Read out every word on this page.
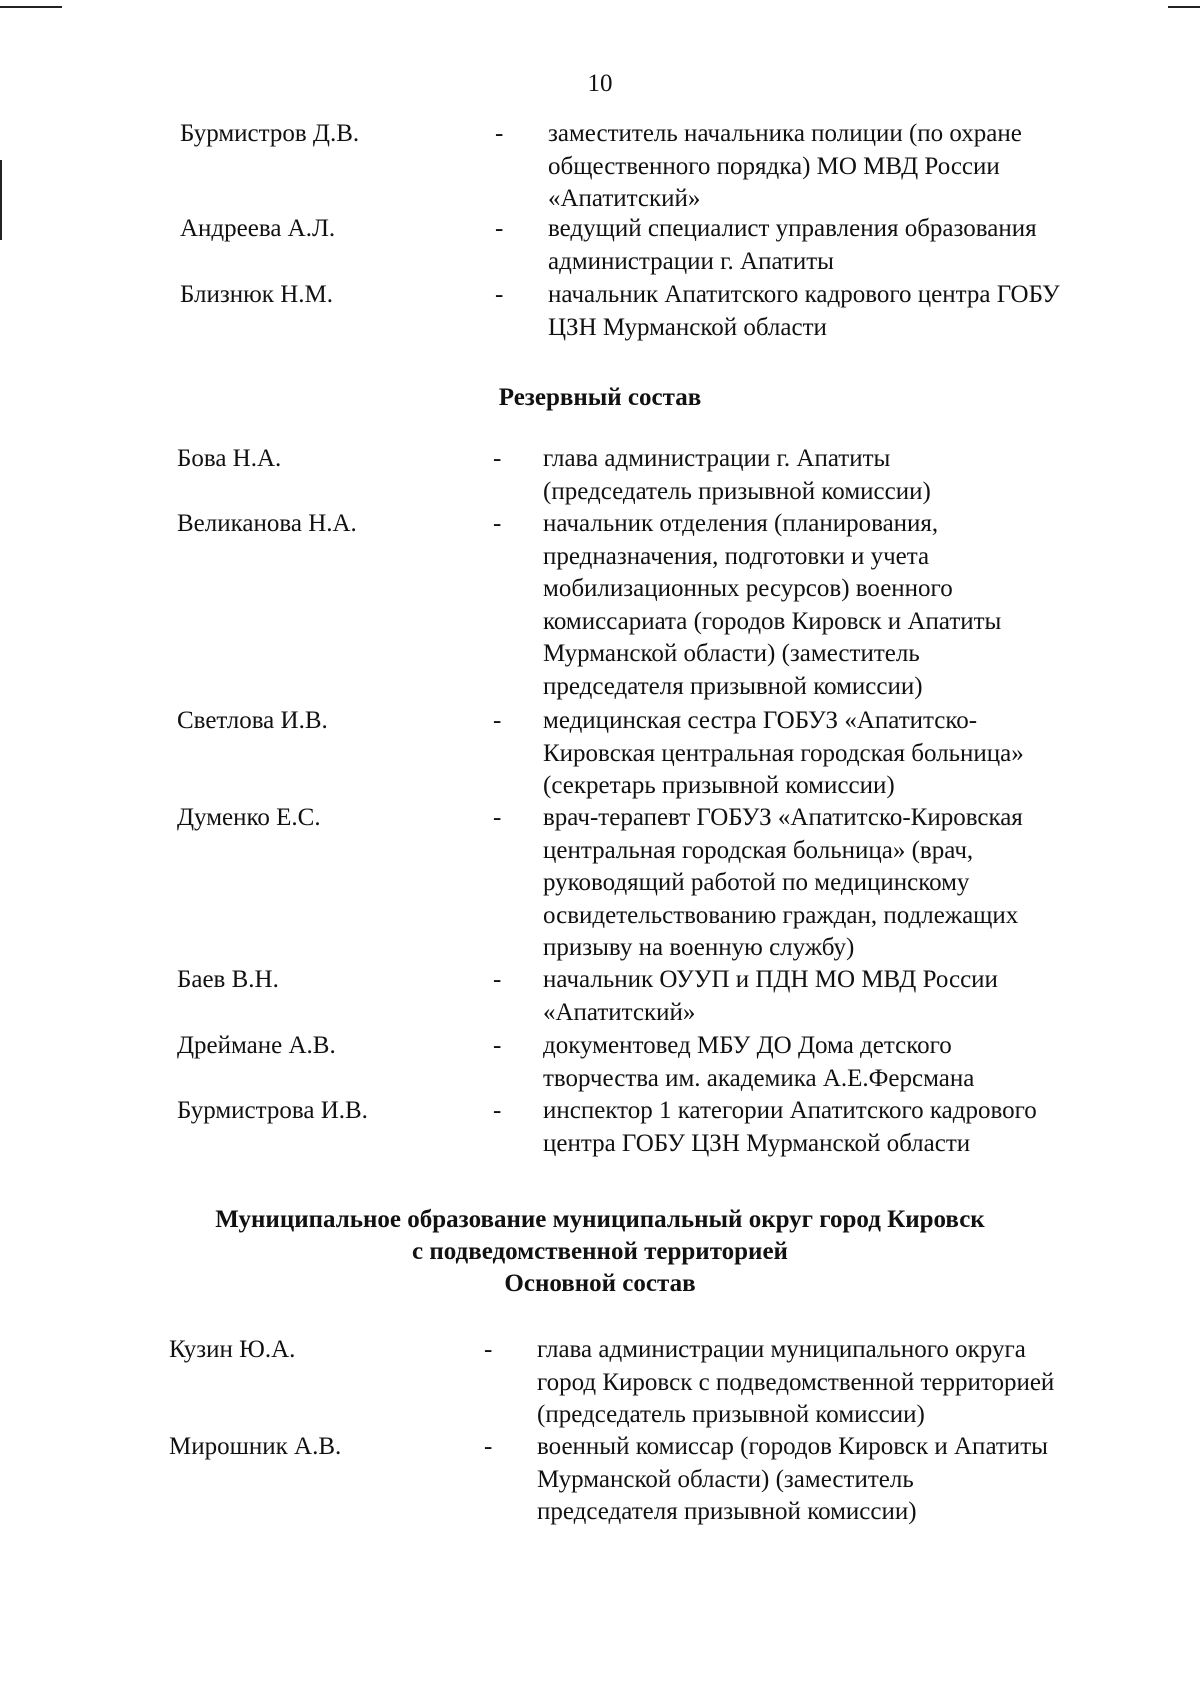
10
Резервный состав
Муниципальное образование муниципальный округ город Кировск
с подведомственной территорией
Основной состав
Бурмистров Д.В.	- заместитель начальника полиции (по охране
общественного порядка) МО МВД России
«Апатитский»
Андреева А.Л.	- ведущий специалист управления образования
администрации г. Апатиты
Близнюк Н.М.	- начальник Апатитского кадрового центра ГОБУ
ЦЗН Мурманской области
Бова Н.А.	- глава администрации г. Апатиты
(председатель призывной комиссии)
Великанова Н.А.	- начальник отделения (планирования,
предназначения, подготовки и учета
мобилизационных ресурсов) военного
комиссариата (городов Кировск и Апатиты
Мурманской области) (заместитель
председателя призывной комиссии)
Светлова И.В.	- медицинская сестра ГОБУЗ «Апатитско-
Кировская центральная городская больница»
(секретарь призывной комиссии)
Думенко Е.С.	- врач-терапевт ГОБУЗ «Апатитско-Кировская
центральная городская больница» (врач,
руководящий работой по медицинскому
освидетельствованию граждан, подлежащих
призыву на военную службу)
Баев В.Н.	- начальник ОУУП и ПДН МО МВД России
«Апатитский»
Дреймане А.В.	- документовед МБУ ДО Дома детского
творчества им. академика А.Е.Ферсмана
Бурмистрова И.В.	- инспектор 1 категории Апатитского кадрового
центра ГОБУ ЦЗН Мурманской области
Кузин Ю.А.	- глава администрации муниципального округа
город Кировск с подведомственной территорией
(председатель призывной комиссии)
Мирошник А.В.	- военный комиссар (городов Кировск и Апатиты
Мурманской области) (заместитель
председателя призывной комиссии)
